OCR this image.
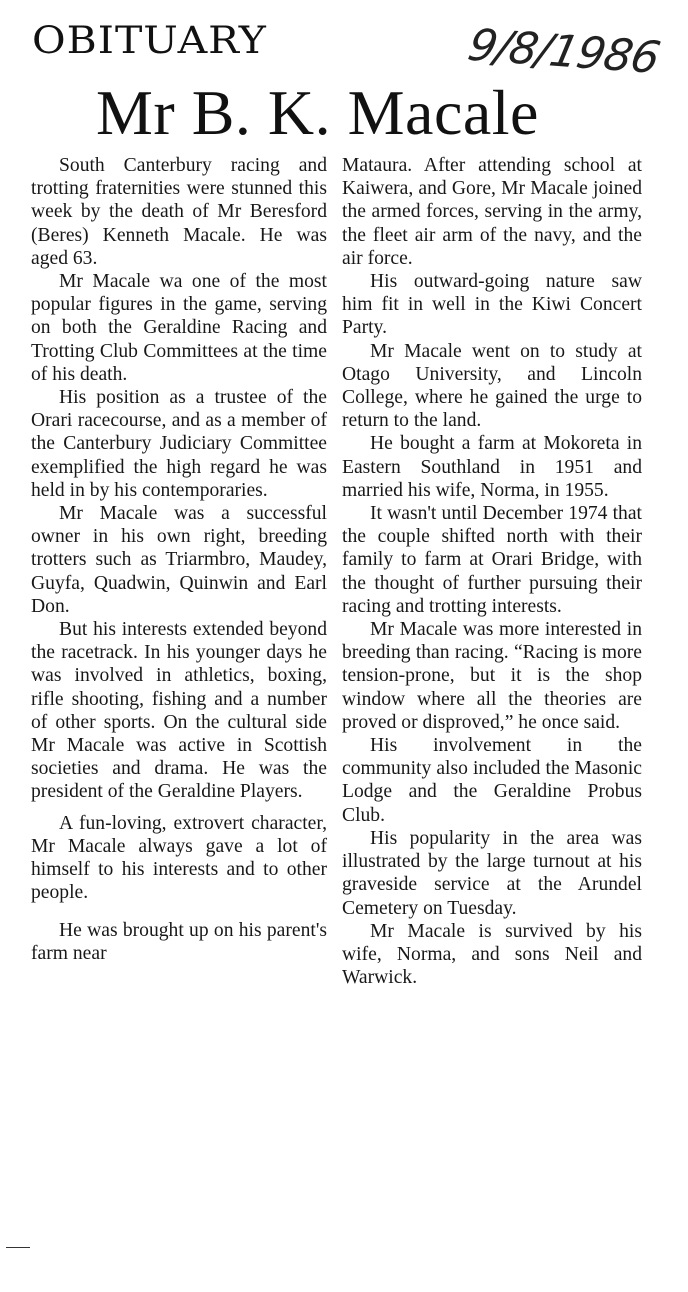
OBITUARY	9/8/1986
Mr B. K. Macale

South Canterbury racing and trotting fraternities were stunned this week by the death of Mr Beresford (Beres) Kenneth Macale. He was aged 63.

Mr Macale wa one of the most popular figures in the game, serving on both the Geraldine Racing and Trotting Club Committees at the time of his death.

His position as a trustee of the Orari racecourse, and as a member of the Canterbury Judiciary Committee exemplified the high regard he was held in by his contemporaries.

Mr Macale was a successful owner in his own right, breeding trotters such as Triarmbro, Maudey, Guyfa, Quadwin, Quinwin and Earl Don.

But his interests extended beyond the racetrack. In his younger days he was involved in athletics, boxing, rifle shooting, fishing and a number of other sports. On the cultural side Mr Macale was active in Scottish societies and drama. He was the president of the Geraldine Players.

A fun-loving, extrovert character, Mr Macale always gave a lot of himself to his interests and to other people.

He was brought up on his parent's farm near

Mataura. After attending school at Kaiwera, and Gore, Mr Macale joined the armed forces, serving in the army, the fleet air arm of the navy, and the air force.

His outward-going nature saw him fit in well in the Kiwi Concert Party.

Mr Macale went on to study at Otago University, and Lincoln College, where he gained the urge to return to the land.

He bought a farm at Mokoreta in Eastern Southland in 1951 and married his wife, Norma, in 1955.

It wasn't until December 1974 that the couple shifted north with their family to farm at Orari Bridge, with the thought of further pursuing their racing and trotting interests.

Mr Macale was more interested in breeding than racing. “Racing is more tension-prone, but it is the shop window where all the theories are proved or disproved,” he once said.

His involvement in the community also included the Masonic Lodge and the Geraldine Probus Club.

His popularity in the area was illustrated by the large turnout at his graveside service at the Arundel Cemetery on Tuesday.

Mr Macale is survived by his wife, Norma, and sons Neil and Warwick.
